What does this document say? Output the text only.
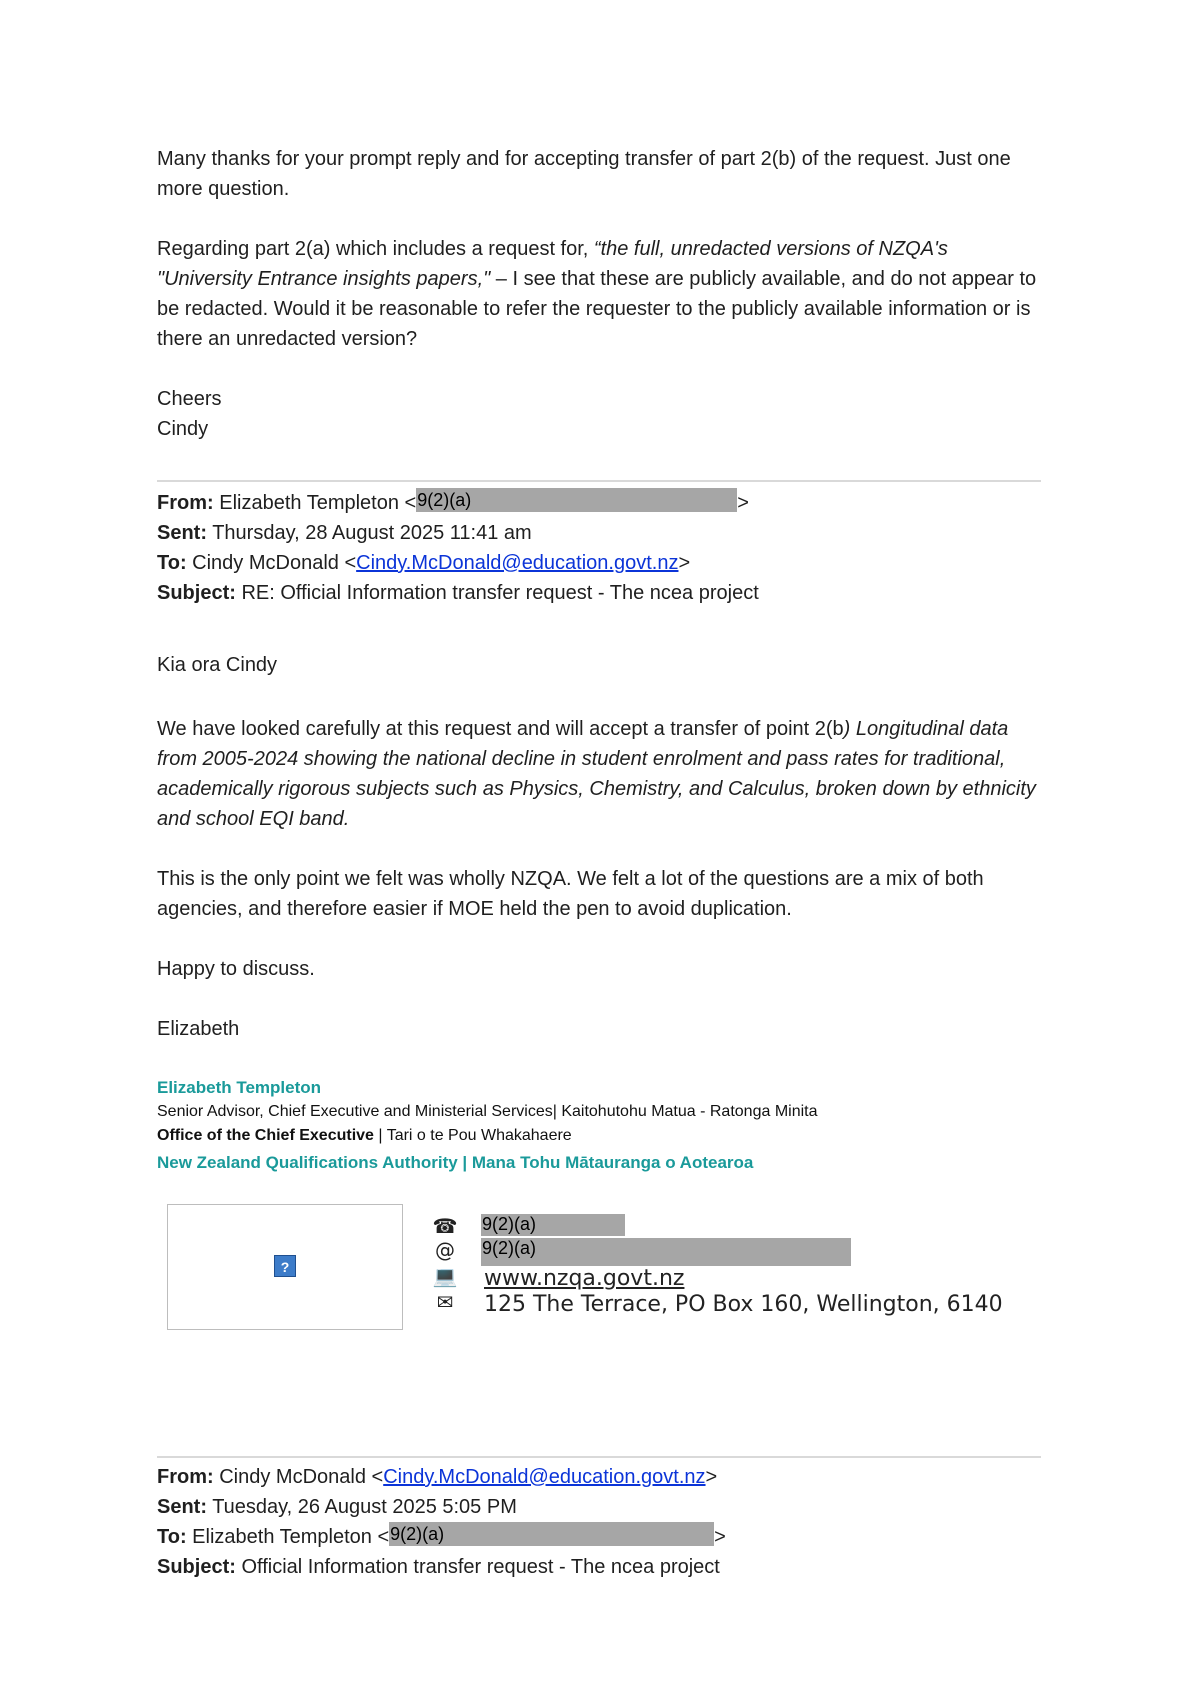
Many thanks for your prompt reply and for accepting transfer of part 2(b) of the request. Just one more question.

Regarding part 2(a) which includes a request for, “the full, unredacted versions of NZQA's "University Entrance insights papers," – I see that these are publicly available, and do not appear to be redacted. Would it be reasonable to refer the requester to the publicly available information or is there an unredacted version?

Cheers

Cindy

From: Elizabeth Templeton <9(2)(a)	>
Sent: Thursday, 28 August 2025 11:41 am
To: Cindy McDonald <Cindy.McDonald@education.govt.nz>
Subject: RE: Official Information transfer request - The ncea project

Kia ora Cindy

We have looked carefully at this request and will accept a transfer of point 2(b) Longitudinal data from 2005-2024 showing the national decline in student enrolment and pass rates for traditional, academically rigorous subjects such as Physics, Chemistry, and Calculus, broken down by ethnicity and school EQI band.

This is the only point we felt was wholly NZQA. We felt a lot of the questions are a mix of both agencies, and therefore easier if MOE held the pen to avoid duplication.

Happy to discuss.

Elizabeth

Elizabeth Templeton
Senior Advisor, Chief Executive and Ministerial Services| Kaitohutohu Matua - Ratonga Minita
Office of the Chief Executive | Tari o te Pou Whakahaere
New Zealand Qualifications Authority | Mana Tohu Mātauranga o Aotearoa
?
☎ 9(2)(a)
@ 9(2)(a)
💻 www.nzqa.govt.nz
✉ 125 The Terrace, PO Box 160, Wellington, 6140
From: Cindy McDonald <Cindy.McDonald@education.govt.nz>
Sent: Tuesday, 26 August 2025 5:05 PM
To: Elizabeth Templeton <9(2)(a)	>
Subject: Official Information transfer request - The ncea project
